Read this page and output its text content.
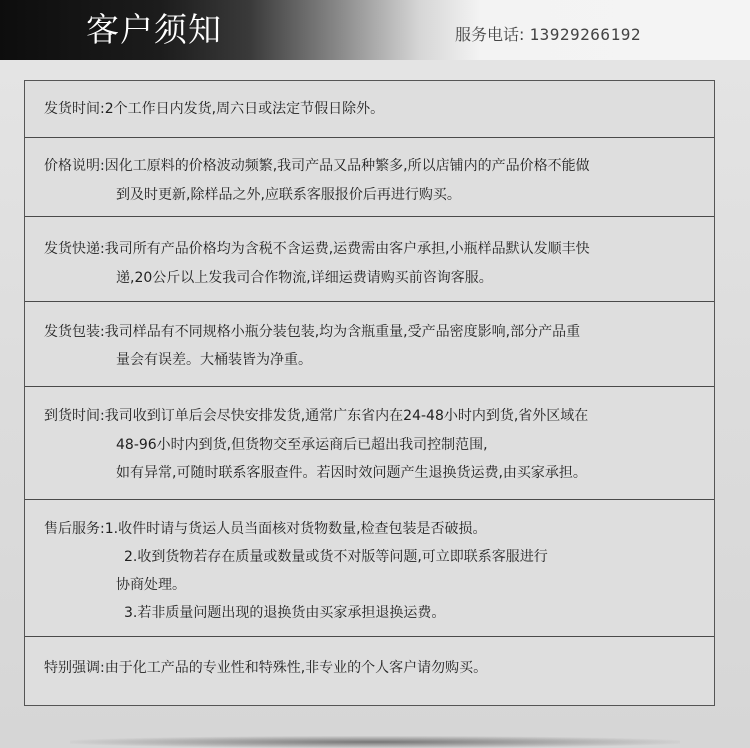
客户须知	服务电话: 13929266192
发货时间:2个工作日内发货,周六日或法定节假日除外。
价格说明:因化工原料的价格波动频繁,我司产品又品种繁多,所以店铺内的产品价格不能做
到及时更新,除样品之外,应联系客服报价后再进行购买。
发货快递:我司所有产品价格均为含税不含运费,运费需由客户承担,小瓶样品默认发顺丰快
递,20公斤以上发我司合作物流,详细运费请购买前咨询客服。
发货包装:我司样品有不同规格小瓶分装包装,均为含瓶重量,受产品密度影响,部分产品重
量会有误差。大桶装皆为净重。
到货时间:我司收到订单后会尽快安排发货,通常广东省内在24-48小时内到货,省外区域在
48-96小时内到货,但货物交至承运商后已超出我司控制范围,
如有异常,可随时联系客服查件。若因时效问题产生退换货运费,由买家承担。
售后服务:1.收件时请与货运人员当面核对货物数量,检查包装是否破损。
2.收到货物若存在质量或数量或货不对版等问题,可立即联系客服进行
协商处理。
3.若非质量问题出现的退换货由买家承担退换运费。
特别强调:由于化工产品的专业性和特殊性,非专业的个人客户请勿购买。
